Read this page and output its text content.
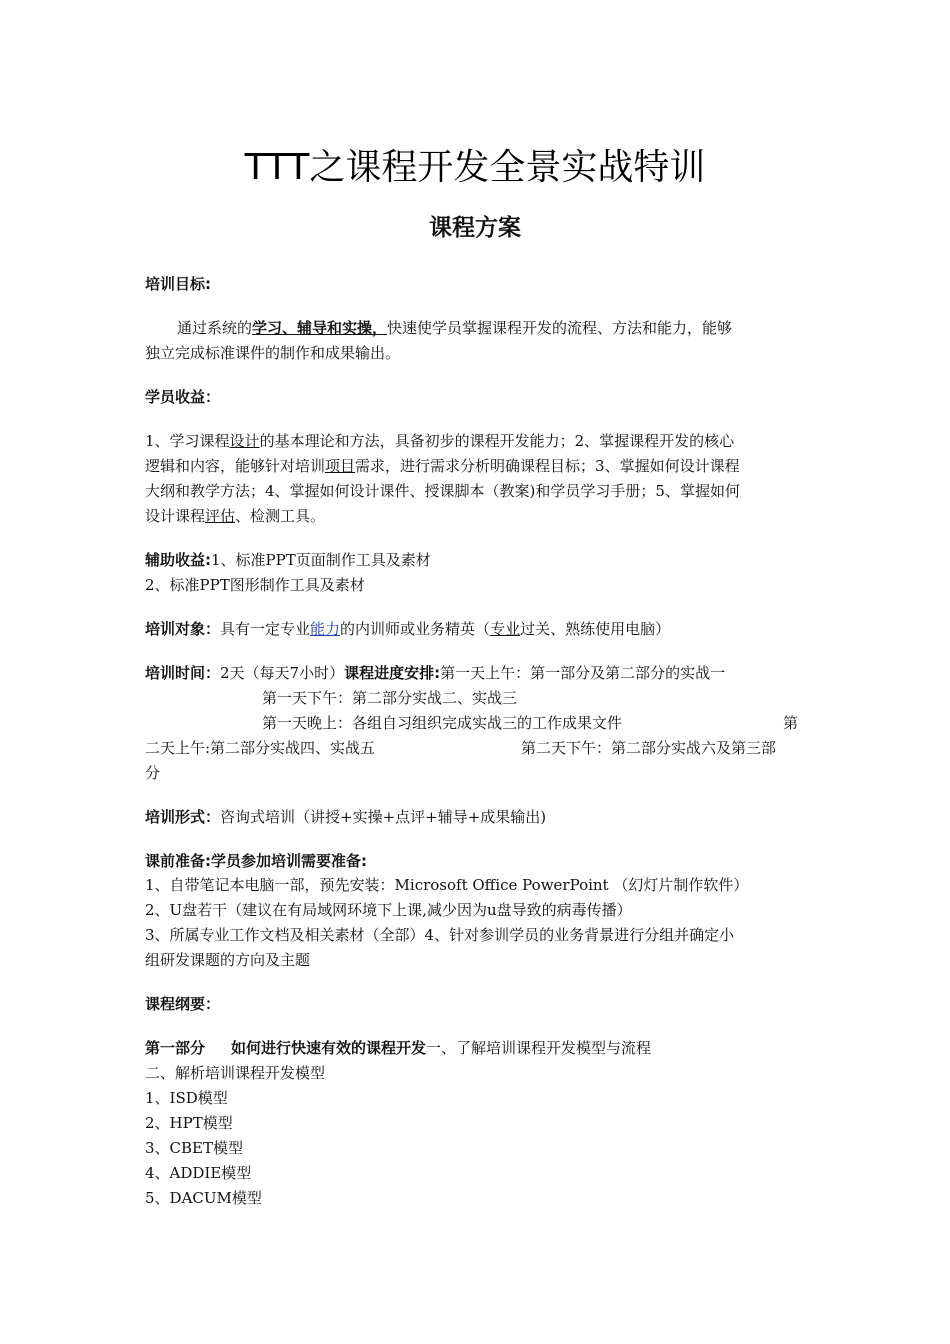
TTT之课程开发全景实战特训
课程方案
培训目标:
通过系统的学习、辅导和实操，快速使学员掌握课程开发的流程、方法和能力，能够
独立完成标准课件的制作和成果输出。
学员收益：
1、学习课程设计的基本理论和方法，具备初步的课程开发能力；2、掌握课程开发的核心
逻辑和内容，能够针对培训项目需求，进行需求分析明确课程目标；3、掌握如何设计课程
大纲和教学方法；4、掌握如何设计课件、授课脚本（教案)和学员学习手册；5、掌握如何
设计课程评估、检测工具。
辅助收益:1、标准PPT页面制作工具及素材
2、标准PPT图形制作工具及素材
培训对象：具有一定专业能力的内训师或业务精英（专业过关、熟练使用电脑）
培训时间：2天（每天7小时）课程进度安排:第一天上午：第一部分及第二部分的实战一
第一天下午：第二部分实战二、实战三
第一天晚上：各组自习组织完成实战三的工作成果文件	第
二天上午:第二部分实战四、实战五	第二天下午：第二部分实战六及第三部
分
培训形式：咨询式培训（讲授+实操+点评+辅导+成果输出)
课前准备:学员参加培训需要准备:
1、自带笔记本电脑一部，预先安装：Microsoft Office PowerPoint （幻灯片制作软件）
2、U盘若干（建议在有局域网环境下上课,减少因为u盘导致的病毒传播）
3、所属专业工作文档及相关素材（全部）4、针对参训学员的业务背景进行分组并确定小
组研发课题的方向及主题
课程纲要：
第一部分 如何进行快速有效的课程开发一、了解培训课程开发模型与流程
二、解析培训课程开发模型
1、ISD模型
2、HPT模型
3、CBET模型
4、ADDIE模型
5、DACUM模型
